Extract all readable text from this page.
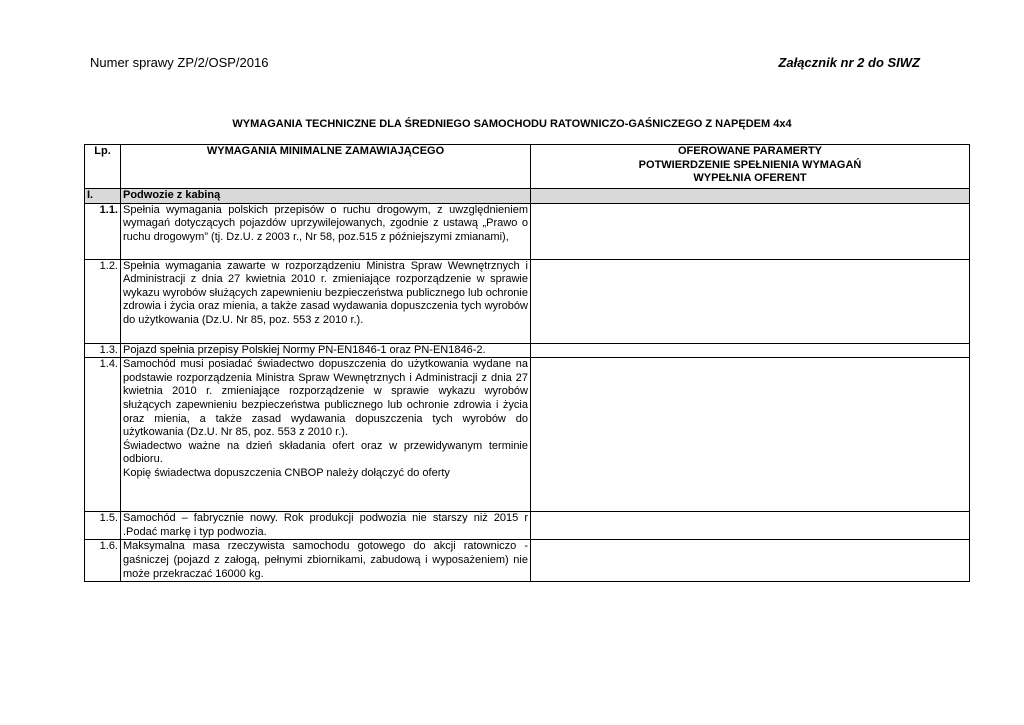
Numer sprawy ZP/2/OSP/2016	Załącznik nr 2 do SIWZ
WYMAGANIA TECHNICZNE DLA ŚREDNIEGO SAMOCHODU RATOWNICZO-GAŚNICZEGO Z NAPĘDEM 4x4
Lp.	WYMAGANIA MINIMALNE ZAMAWIAJĄCEGO	OFEROWANE PARAMERTY
POTWIERDZENIE SPEŁNIENIA WYMAGAŃ
WYPEŁNIA OFERENT

I.	Podwozie z kabiną	
1.1.	Spełnia wymagania polskich przepisów o ruchu drogowym, z uwzględnieniem wymagań dotyczących pojazdów uprzywilejowanych, zgodnie z ustawą „Prawo o ruchu drogowym” (tj. Dz.U. z 2003 r., Nr 58, poz.515 z późniejszymi zmianami),	
1.2.	Spełnia wymagania zawarte w rozporządzeniu Ministra Spraw Wewnętrznych i Administracji z dnia 27 kwietnia 2010 r. zmieniające rozporządzenie w sprawie wykazu wyrobów służących zapewnieniu bezpieczeństwa publicznego lub ochronie zdrowia i życia oraz mienia, a także zasad wydawania dopuszczenia tych wyrobów do użytkowania (Dz.U. Nr 85, poz. 553 z 2010 r.).	
1.3.	Pojazd spełnia przepisy Polskiej Normy PN-EN1846-1 oraz PN-EN1846-2.	
1.4.	Samochód musi posiadać świadectwo dopuszczenia do użytkowania wydane na podstawie rozporządzenia Ministra Spraw Wewnętrznych i Administracji z dnia 27 kwietnia 2010 r. zmieniające rozporządzenie w sprawie wykazu wyrobów służących zapewnieniu bezpieczeństwa publicznego lub ochronie zdrowia i życia oraz mienia, a także zasad wydawania dopuszczenia tych wyrobów do użytkowania (Dz.U. Nr 85, poz. 553 z 2010 r.).
Świadectwo ważne na dzień składania ofert oraz w przewidywanym terminie odbioru.
Kopię świadectwa dopuszczenia CNBOP należy dołączyć do oferty	

1.5.	Samochód – fabrycznie nowy. Rok produkcji podwozia nie starszy niż 2015 r .Podać markę i typ podwozia.	
1.6.	Maksymalna masa rzeczywista samochodu gotowego do akcji ratowniczo - gaśniczej (pojazd z załogą, pełnymi zbiornikami, zabudową i wyposażeniem) nie może przekraczać 16000 kg.	
